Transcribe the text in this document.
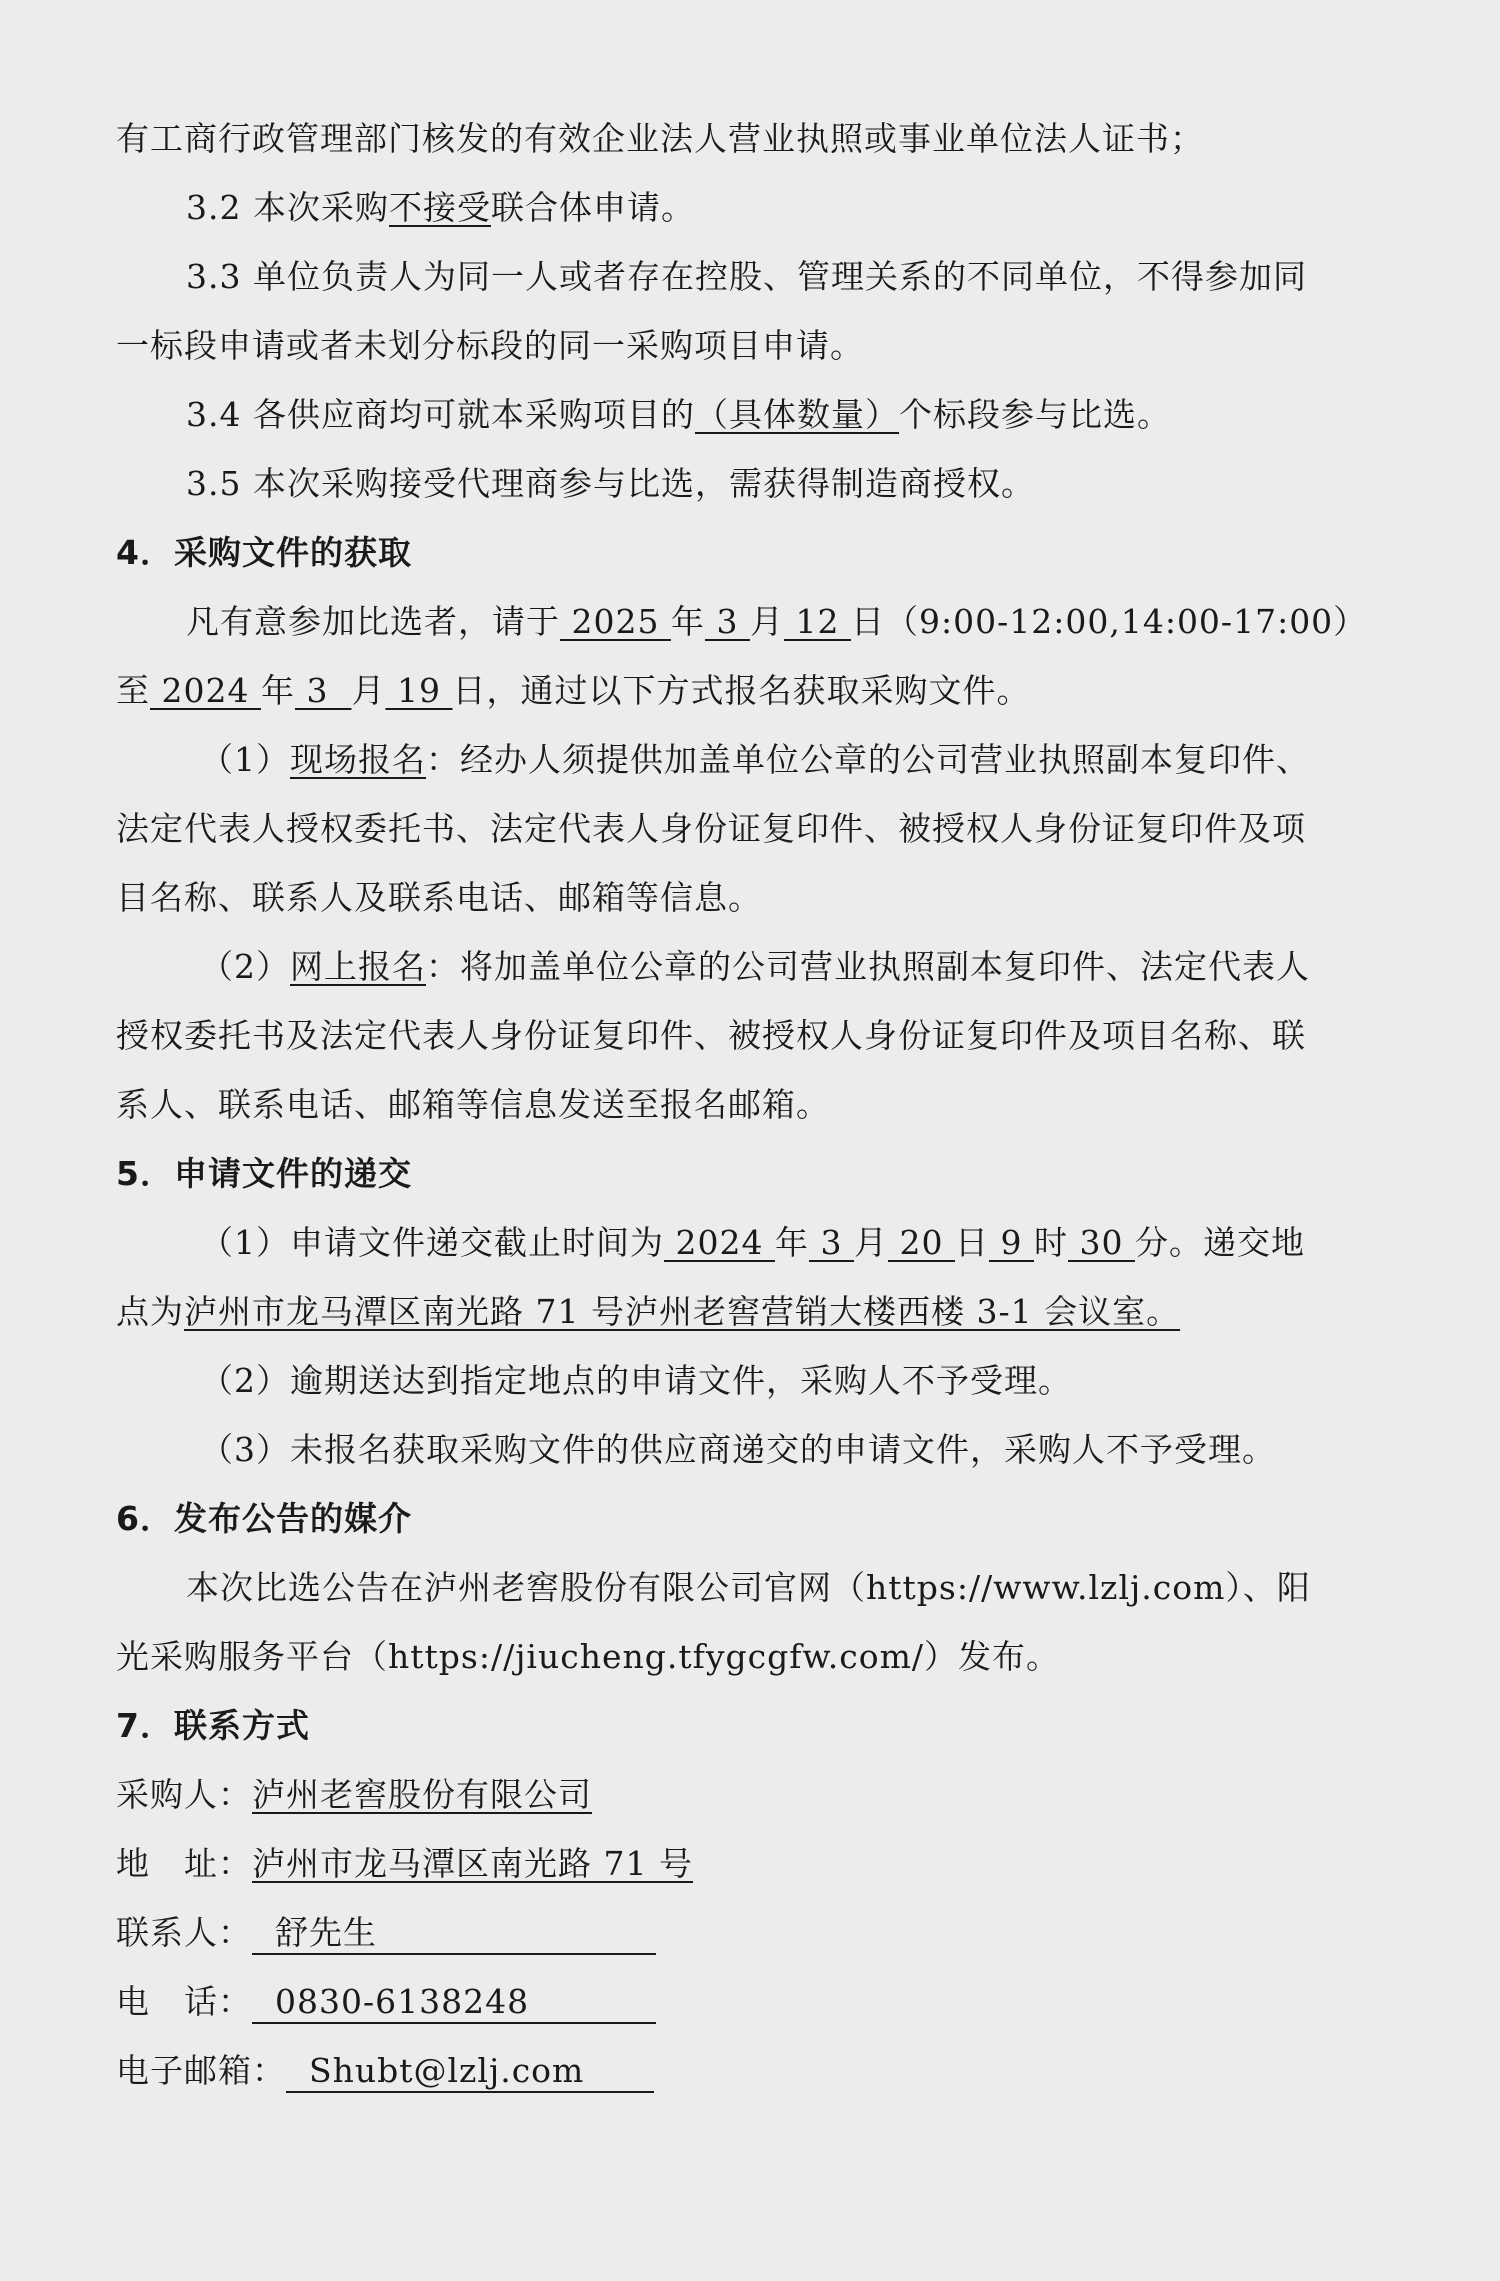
有工商行政管理部门核发的有效企业法人营业执照或事业单位法人证书；
3.2 本次采购不接受联合体申请。
3.3 单位负责人为同一人或者存在控股、管理关系的不同单位，不得参加同
一标段申请或者未划分标段的同一采购项目申请。
3.4 各供应商均可就本采购项目的（具体数量）个标段参与比选。
3.5 本次采购接受代理商参与比选，需获得制造商授权。
4．采购文件的获取
凡有意参加比选者，请于 2025 年 3 月 12 日（9:00-12:00,14:00-17:00）
至 2024 年 3 月 19 日，通过以下方式报名获取采购文件。
（1）现场报名：经办人须提供加盖单位公章的公司营业执照副本复印件、
法定代表人授权委托书、法定代表人身份证复印件、被授权人身份证复印件及项
目名称、联系人及联系电话、邮箱等信息。
（2）网上报名：将加盖单位公章的公司营业执照副本复印件、法定代表人
授权委托书及法定代表人身份证复印件、被授权人身份证复印件及项目名称、联
系人、联系电话、邮箱等信息发送至报名邮箱。
5．申请文件的递交
（1）申请文件递交截止时间为 2024 年 3 月 20 日 9 时 30 分。递交地
点为泸州市龙马潭区南光路 71 号泸州老窖营销大楼西楼 3-1 会议室。
（2）逾期送达到指定地点的申请文件，采购人不予受理。
（3）未报名获取采购文件的供应商递交的申请文件，采购人不予受理。
6．发布公告的媒介
本次比选公告在泸州老窖股份有限公司官网（https://www.lzlj.com）、阳
光采购服务平台（https://jiucheng.tfygcgfw.com/）发布。
7．联系方式
采购人：泸州老窖股份有限公司
地　址：泸州市龙马潭区南光路 71 号
联系人： 舒先生
电　话： 0830-6138248
电子邮箱： Shubt@lzlj.com
